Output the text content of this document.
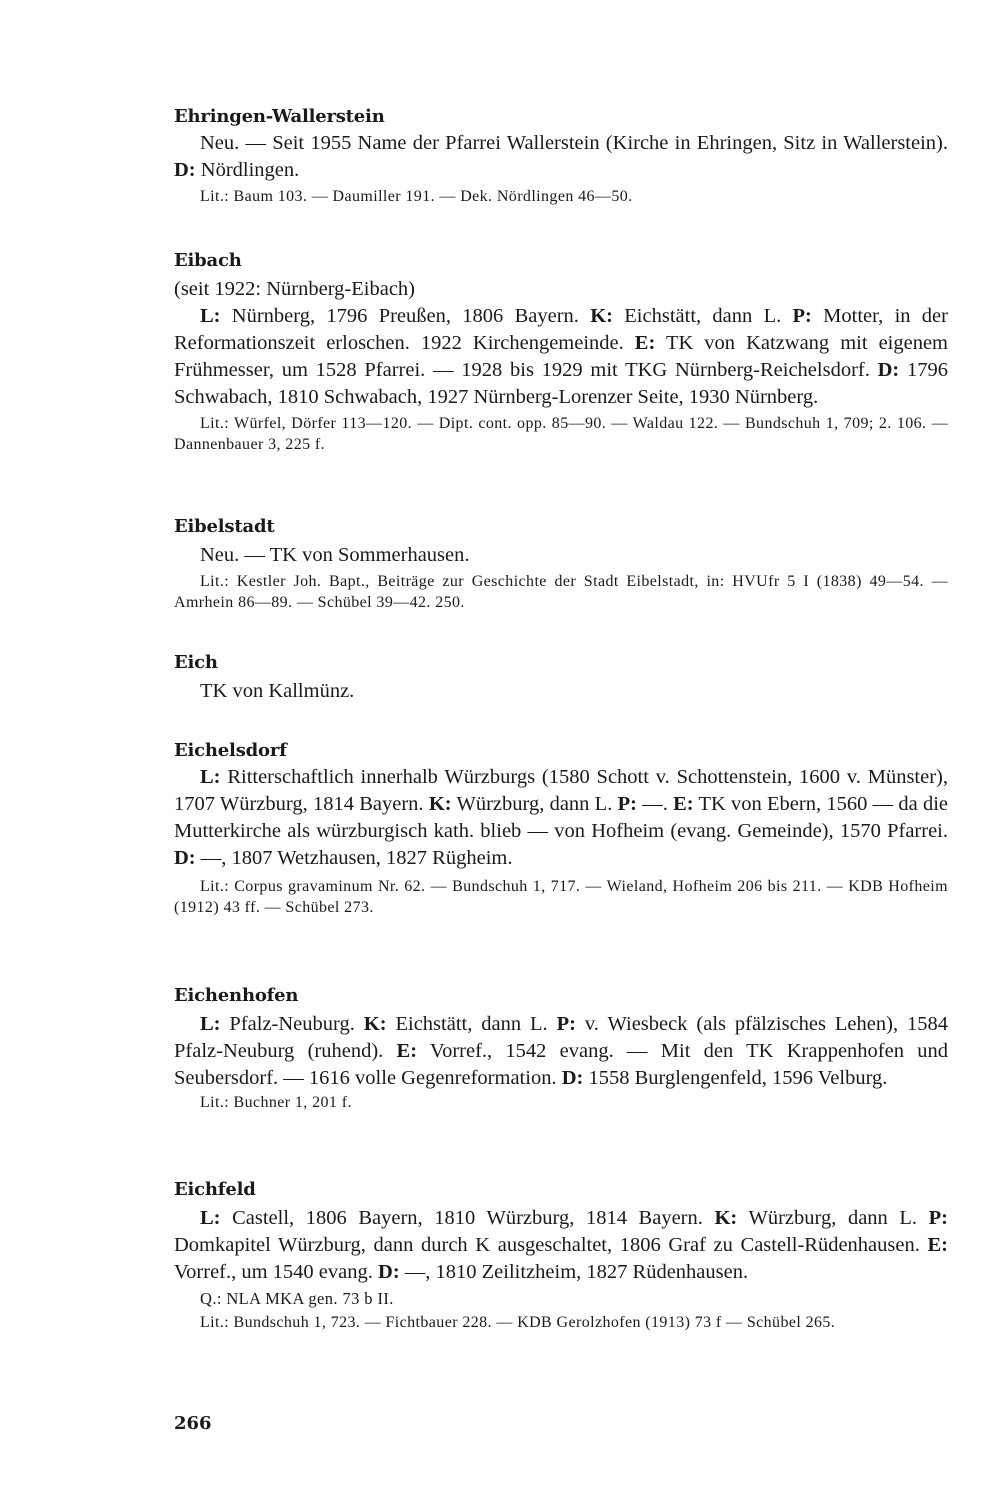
Ehringen-Wallerstein

Neu. — Seit 1955 Name der Pfarrei Wallerstein (Kirche in Ehringen, Sitz in Wallerstein). D: Nördlingen.

Lit.: Baum 103. — Daumiller 191. — Dek. Nördlingen 46—50.

Eibach

(seit 1922: Nürnberg-Eibach)

L: Nürnberg, 1796 Preußen, 1806 Bayern. K: Eichstätt, dann L. P: Motter, in der Reformationszeit erloschen. 1922 Kirchengemeinde. E: TK von Katzwang mit eigenem Frühmesser, um 1528 Pfarrei. — 1928 bis 1929 mit TKG Nürnberg-Reichelsdorf. D: 1796 Schwabach, 1810 Schwabach, 1927 Nürnberg-Lorenzer Seite, 1930 Nürnberg.

Lit.: Würfel, Dörfer 113—120. — Dipt. cont. opp. 85—90. — Waldau 122. — Bundschuh 1, 709; 2. 106. — Dannenbauer 3, 225 f.

Eibelstadt

Neu. — TK von Sommerhausen.

Lit.: Kestler Joh. Bapt., Beiträge zur Geschichte der Stadt Eibelstadt, in: HVUfr 5 I (1838) 49—54. — Amrhein 86—89. — Schübel 39—42. 250.

Eich

TK von Kallmünz.

Eichelsdorf

L: Ritterschaftlich innerhalb Würzburgs (1580 Schott v. Schottenstein, 1600 v. Münster), 1707 Würzburg, 1814 Bayern. K: Würzburg, dann L. P: —. E: TK von Ebern, 1560 — da die Mutterkirche als würzburgisch kath. blieb — von Hofheim (evang. Gemeinde), 1570 Pfarrei. D: —, 1807 Wetzhausen, 1827 Rügheim.

Lit.: Corpus gravaminum Nr. 62. — Bundschuh 1, 717. — Wieland, Hofheim 206 bis 211. — KDB Hofheim (1912) 43 ff. — Schübel 273.

Eichenhofen

L: Pfalz-Neuburg. K: Eichstätt, dann L. P: v. Wiesbeck (als pfälzisches Lehen), 1584 Pfalz-Neuburg (ruhend). E: Vorref., 1542 evang. — Mit den TK Krappenhofen und Seubersdorf. — 1616 volle Gegenreformation. D: 1558 Burglengenfeld, 1596 Velburg.

Lit.: Buchner 1, 201 f.

Eichfeld

L: Castell, 1806 Bayern, 1810 Würzburg, 1814 Bayern. K: Würzburg, dann L. P: Domkapitel Würzburg, dann durch K ausgeschaltet, 1806 Graf zu Castell-Rüdenhausen. E: Vorref., um 1540 evang. D: —, 1810 Zeilitzheim, 1827 Rüdenhausen.

Q.: NLA MKA gen. 73 b II.

Lit.: Bundschuh 1, 723. — Fichtbauer 228. — KDB Gerolzhofen (1913) 73 f — Schübel 265.

266
